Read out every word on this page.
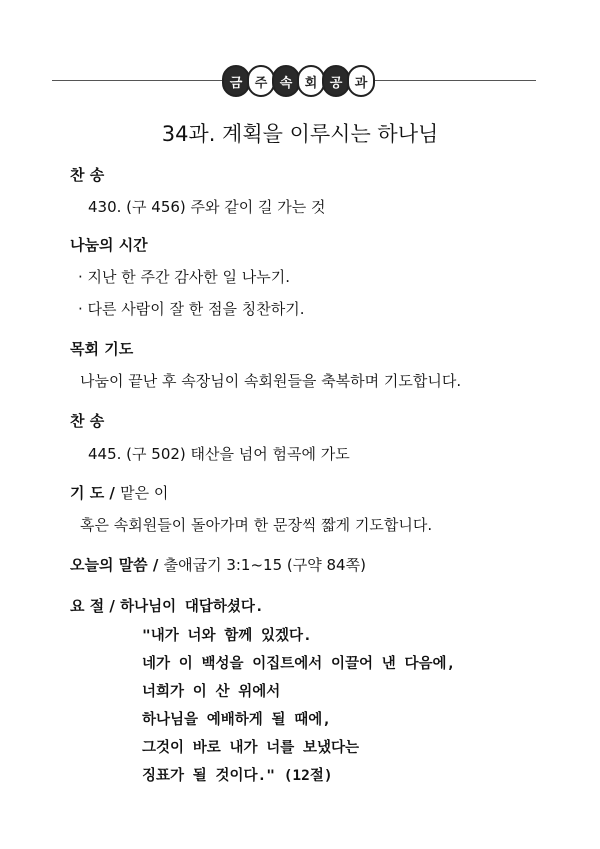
금 주 속 회 공 과
34과. 계획을 이루시는 하나님
찬 송
430. (구 456) 주와 같이 길 가는 것
나눔의 시간
· 지난 한 주간 감사한 일 나누기.
· 다른 사람이 잘 한 점을 칭찬하기.
목회 기도
나눔이 끝난 후 속장님이 속회원들을 축복하며 기도합니다.
찬 송
445. (구 502) 태산을 넘어 험곡에 가도
기 도 / 맡은 이
혹은 속회원들이 돌아가며 한 문장씩 짧게 기도합니다.
오늘의 말씀 / 출애굽기 3:1~15 (구약 84쪽)
요 절 / 하나님이 대답하셨다.
"내가 너와 함께 있겠다.
네가 이 백성을 이집트에서 이끌어 낸 다음에,
너희가 이 산 위에서
하나님을 예배하게 될 때에,
그것이 바로 내가 너를 보냈다는
징표가 될 것이다." (12절)
